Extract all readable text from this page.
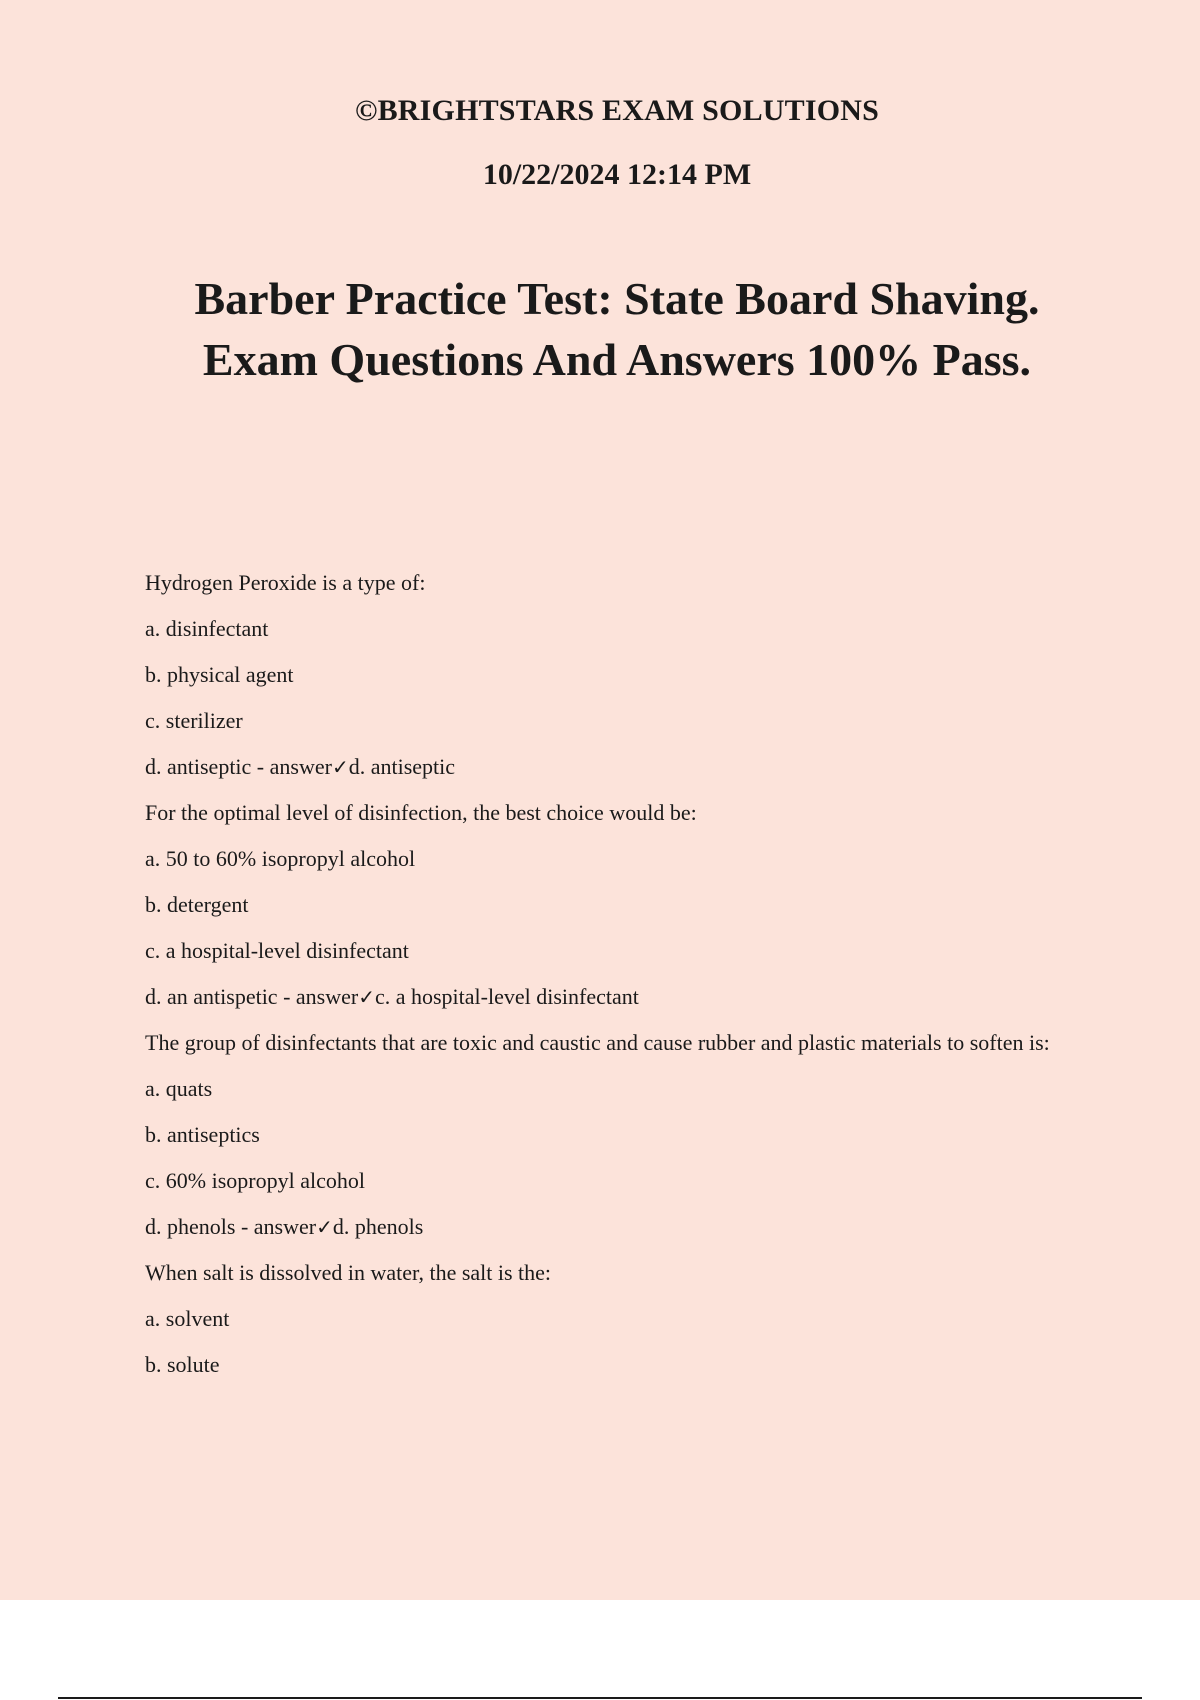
©BRIGHTSTARS EXAM SOLUTIONS
10/22/2024 12:14 PM
Barber Practice Test: State Board Shaving.
Exam Questions And Answers 100% Pass.

Hydrogen Peroxide is a type of:

a. disinfectant

b. physical agent

c. sterilizer

d. antiseptic - answer✓d. antiseptic

For the optimal level of disinfection, the best choice would be:

a. 50 to 60% isopropyl alcohol

b. detergent

c. a hospital-level disinfectant

d. an antispetic - answer✓c. a hospital-level disinfectant

The group of disinfectants that are toxic and caustic and cause rubber and plastic materials to soften is:

a. quats

b. antiseptics

c. 60% isopropyl alcohol

d. phenols - answer✓d. phenols

When salt is dissolved in water, the salt is the:

a. solvent

b. solute
